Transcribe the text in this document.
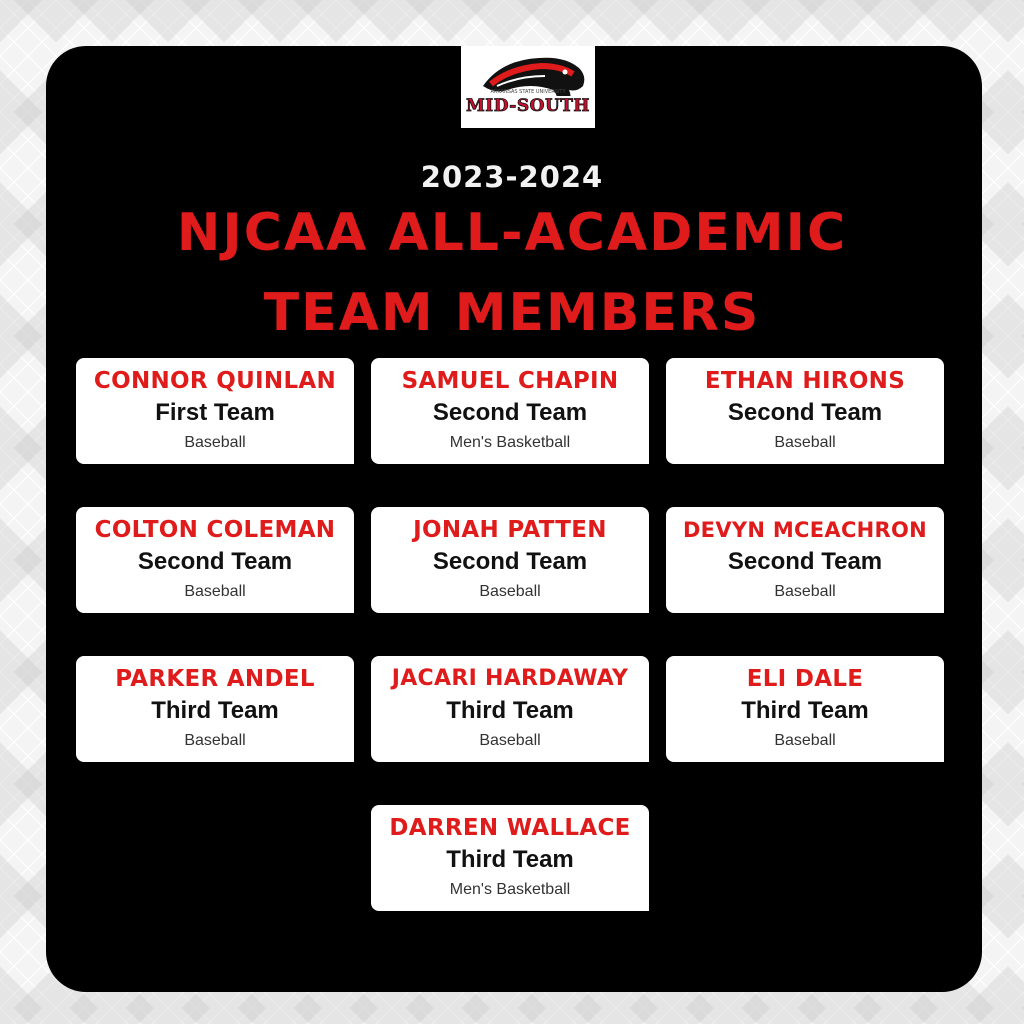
ARKANSAS STATE UNIVERSITY
MID-SOUTH
2023-2024
NJCAA ALL-ACADEMIC
TEAM MEMBERS
CONNOR QUINLAN
First Team
Baseball
SAMUEL CHAPIN
Second Team
Men's Basketball
ETHAN HIRONS
Second Team
Baseball
COLTON COLEMAN
Second Team
Baseball
JONAH PATTEN
Second Team
Baseball
DEVYN MCEACHRON
Second Team
Baseball
PARKER ANDEL
Third Team
Baseball
JACARI HARDAWAY
Third Team
Baseball
ELI DALE
Third Team
Baseball
DARREN WALLACE
Third Team
Men's Basketball
